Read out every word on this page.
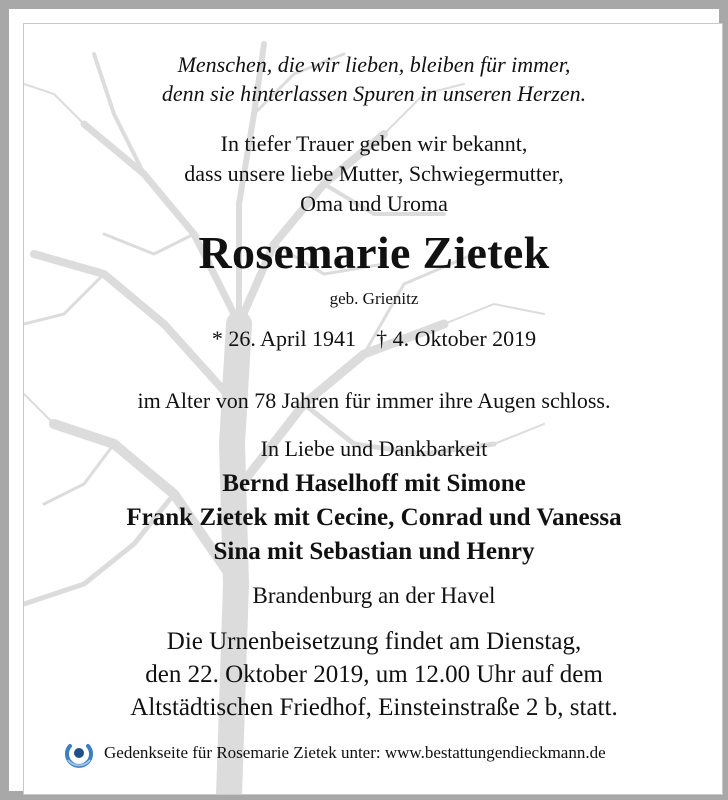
Menschen, die wir lieben, bleiben für immer,
denn sie hinterlassen Spuren in unseren Herzen.
In tiefer Trauer geben wir bekannt,
dass unsere liebe Mutter, Schwiegermutter,
Oma und Uroma
Rosemarie Zietek
geb. Grienitz
* 26. April 1941 † 4. Oktober 2019
im Alter von 78 Jahren für immer ihre Augen schloss.
In Liebe und Dankbarkeit
Bernd Haselhoff mit Simone
Frank Zietek mit Cecine, Conrad und Vanessa
Sina mit Sebastian und Henry
Brandenburg an der Havel
Die Urnenbeisetzung findet am Dienstag,
den 22. Oktober 2019, um 12.00 Uhr auf dem
Altstädtischen Friedhof, Einsteinstraße 2 b, statt.
Gedenkseite für Rosemarie Zietek unter: www.bestattungendieckmann.de
